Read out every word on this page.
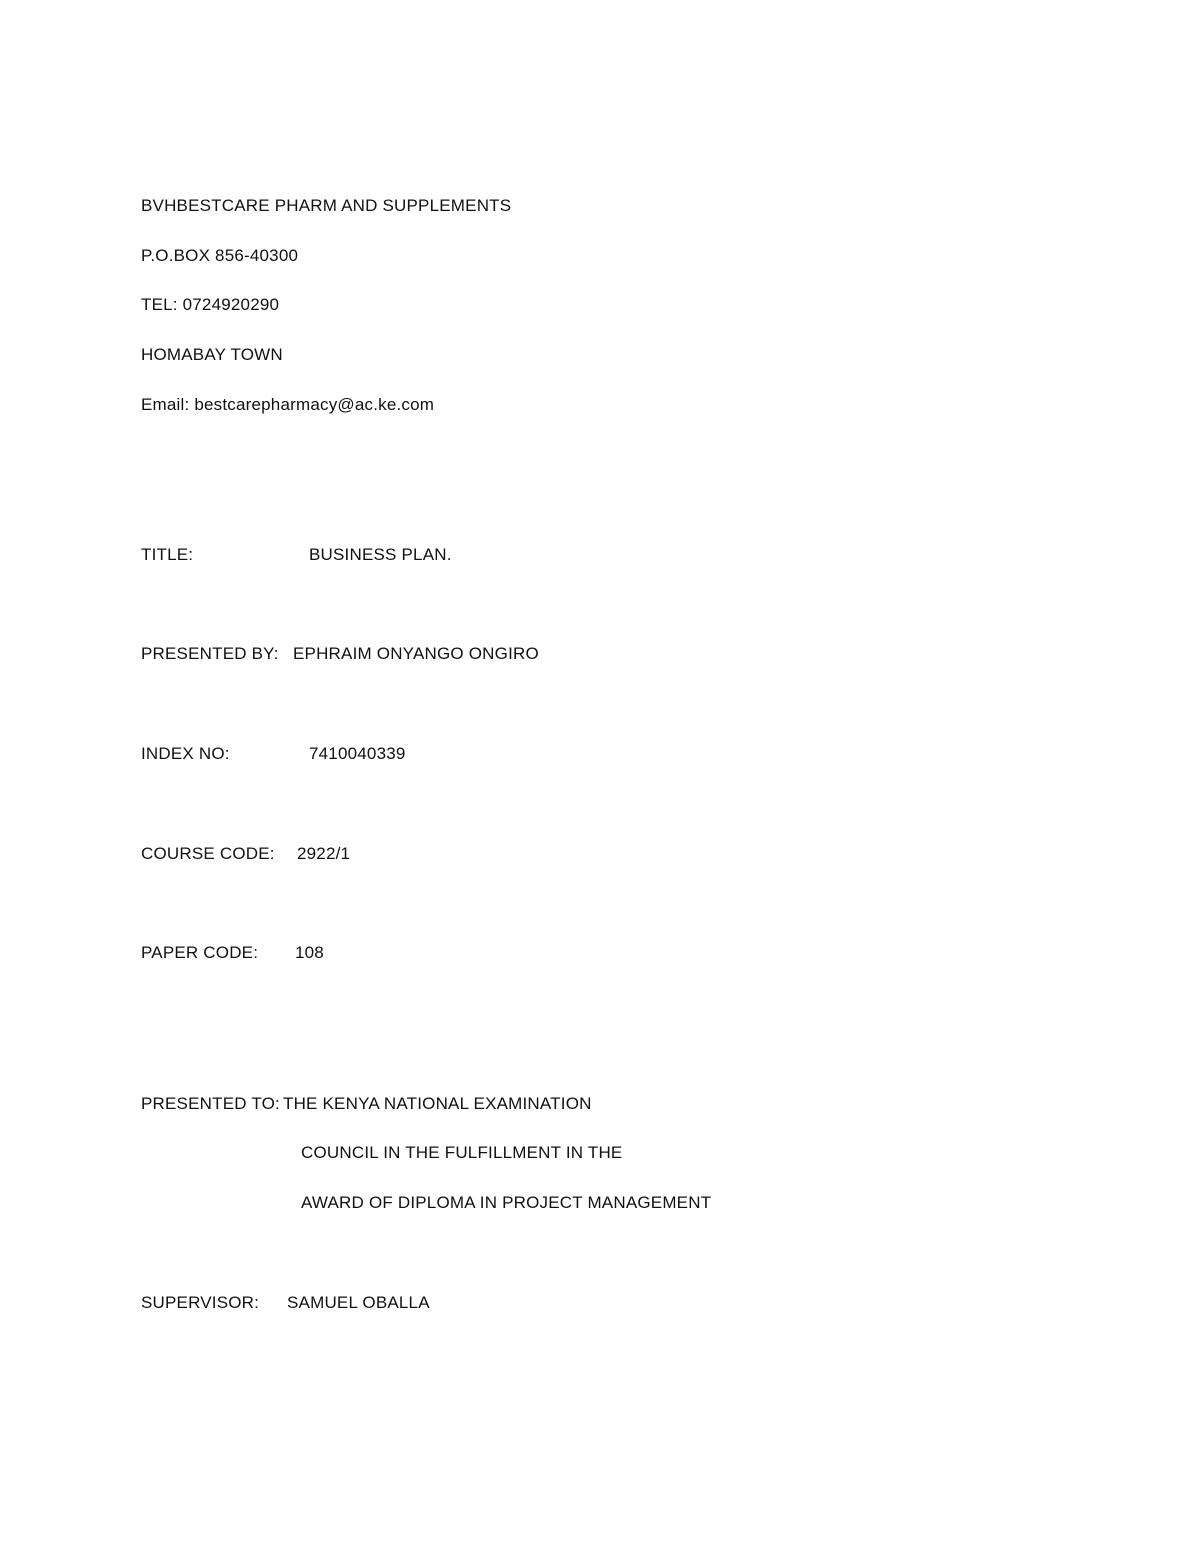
BVHBESTCARE PHARM AND SUPPLEMENTS
P.O.BOX 856-40300
TEL: 0724920290
HOMABAY TOWN
Email: bestcarepharmacy@ac.ke.com
TITLE:	BUSINESS PLAN.
PRESENTED BY: EPHRAIM ONYANGO ONGIRO
INDEX NO:	7410040339
COURSE CODE: 2922/1
PAPER CODE: 108
PRESENTED TO: THE KENYA NATIONAL EXAMINATION
COUNCIL IN THE FULFILLMENT IN THE
AWARD OF DIPLOMA IN PROJECT MANAGEMENT
SUPERVISOR: SAMUEL OBALLA
